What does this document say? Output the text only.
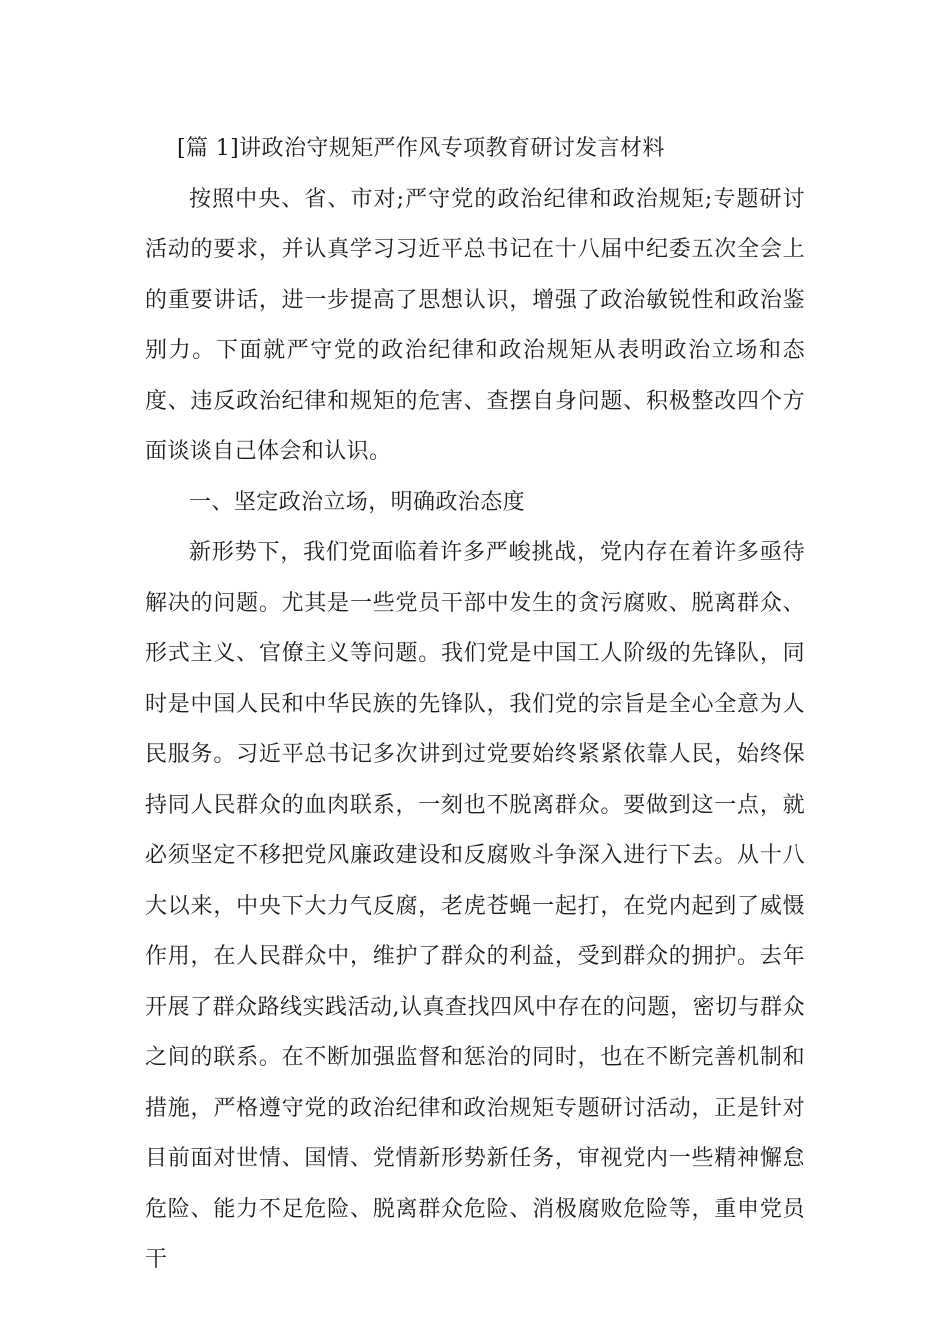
[篇 1]讲政治守规矩严作风专项教育研讨发言材料

按照中央、省、市对;严守党的政治纪律和政治规矩;专题研讨活动的要求，并认真学习习近平总书记在十八届中纪委五次全会上的重要讲话，进一步提高了思想认识，增强了政治敏锐性和政治鉴别力。下面就严守党的政治纪律和政治规矩从表明政治立场和态度、违反政治纪律和规矩的危害、查摆自身问题、积极整改四个方面谈谈自己体会和认识。

一、坚定政治立场，明确政治态度

新形势下，我们党面临着许多严峻挑战，党内存在着许多亟待解决的问题。尤其是一些党员干部中发生的贪污腐败、脱离群众、形式主义、官僚主义等问题。我们党是中国工人阶级的先锋队，同时是中国人民和中华民族的先锋队，我们党的宗旨是全心全意为人民服务。习近平总书记多次讲到过党要始终紧紧依靠人民，始终保持同人民群众的血肉联系，一刻也不脱离群众。要做到这一点，就必须坚定不移把党风廉政建设和反腐败斗争深入进行下去。从十八大以来，中央下大力气反腐，老虎苍蝇一起打，在党内起到了威慑作用，在人民群众中，维护了群众的利益，受到群众的拥护。去年开展了群众路线实践活动,认真查找四风中存在的问题，密切与群众之间的联系。在不断加强监督和惩治的同时，也在不断完善机制和措施，严格遵守党的政治纪律和政治规矩专题研讨活动，正是针对目前面对世情、国情、党情新形势新任务，审视党内一些精神懈怠危险、能力不足危险、脱离群众危险、消极腐败危险等，重申党员干
